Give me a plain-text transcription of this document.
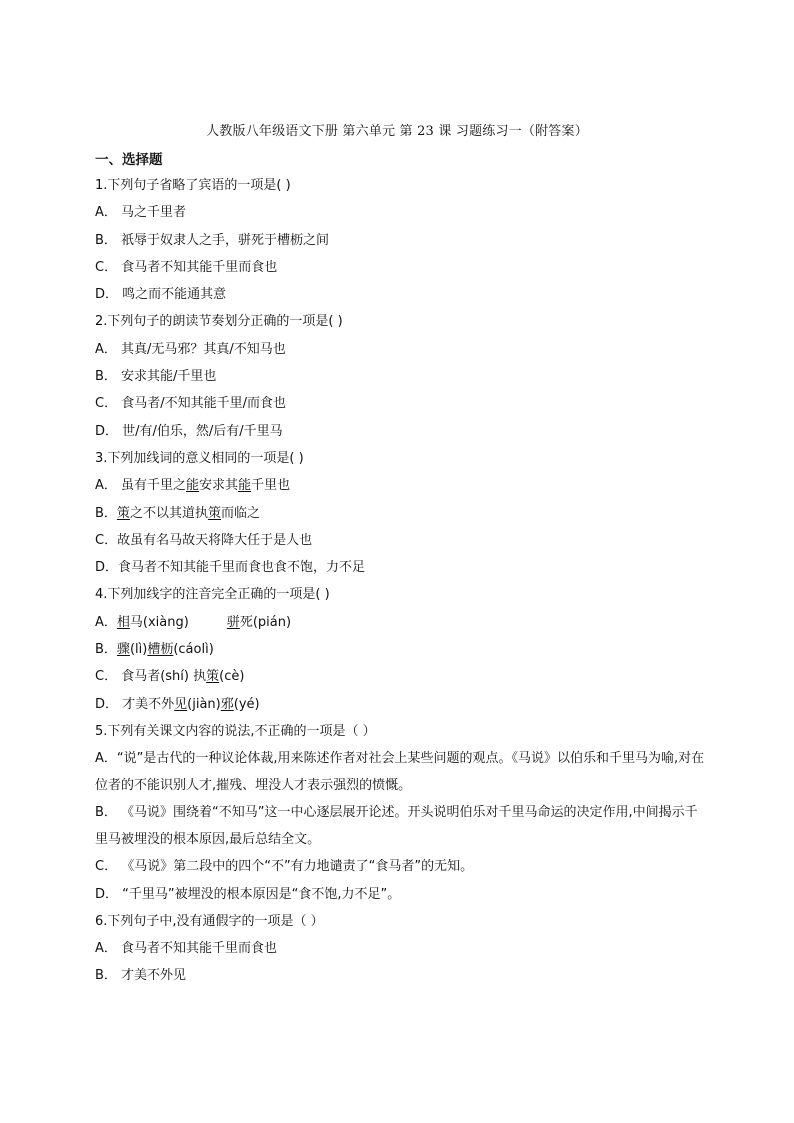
人教版八年级语文下册 第六单元 第 23 课 习题练习一（附答案）
一、选择题
1.下列句子省略了宾语的一项是( )
A． 马之千里者
B． 祇辱于奴隶人之手，骈死于槽枥之间
C． 食马者不知其能千里而食也
D． 鸣之而不能通其意
2.下列句子的朗读节奏划分正确的一项是( )
A． 其真/无马邪？其真/不知马也
B． 安求其能/千里也
C． 食马者/不知其能千里/而食也
D． 世/有/伯乐，然/后有/千里马
3.下列加线词的意义相同的一项是( )
A． 虽有千里之能安求其能千里也
B．策之不以其道执策而临之
C．故虽有名马故天将降大任于是人也
D．食马者不知其能千里而食也食不饱，力不足
4.下列加线字的注音完全正确的一项是( )
A．相马(xiàng)	骈死(pián)
B．骤(lì)槽枥(cáolì)
C． 食马者(shí) 执策(cè)
D． 才美不外见(jiàn)邪(yé)
5.下列有关课文内容的说法,不正确的一项是（ ）
A．“说”是古代的一种议论体裁,用来陈述作者对社会上某些问题的观点。《马说》以伯乐和千里马为喻,对在位者的不能识别人才,摧残、埋没人才表示强烈的愤慨。
B． 《马说》围绕着“不知马”这一中心逐层展开论述。开头说明伯乐对千里马命运的决定作用,中间揭示千里马被埋没的根本原因,最后总结全文。
C． 《马说》第二段中的四个“不”有力地谴责了“食马者”的无知。
D． “千里马”被埋没的根本原因是“食不饱,力不足”。
6.下列句子中,没有通假字的一项是（ ）
A． 食马者不知其能千里而食也
B． 才美不外见
